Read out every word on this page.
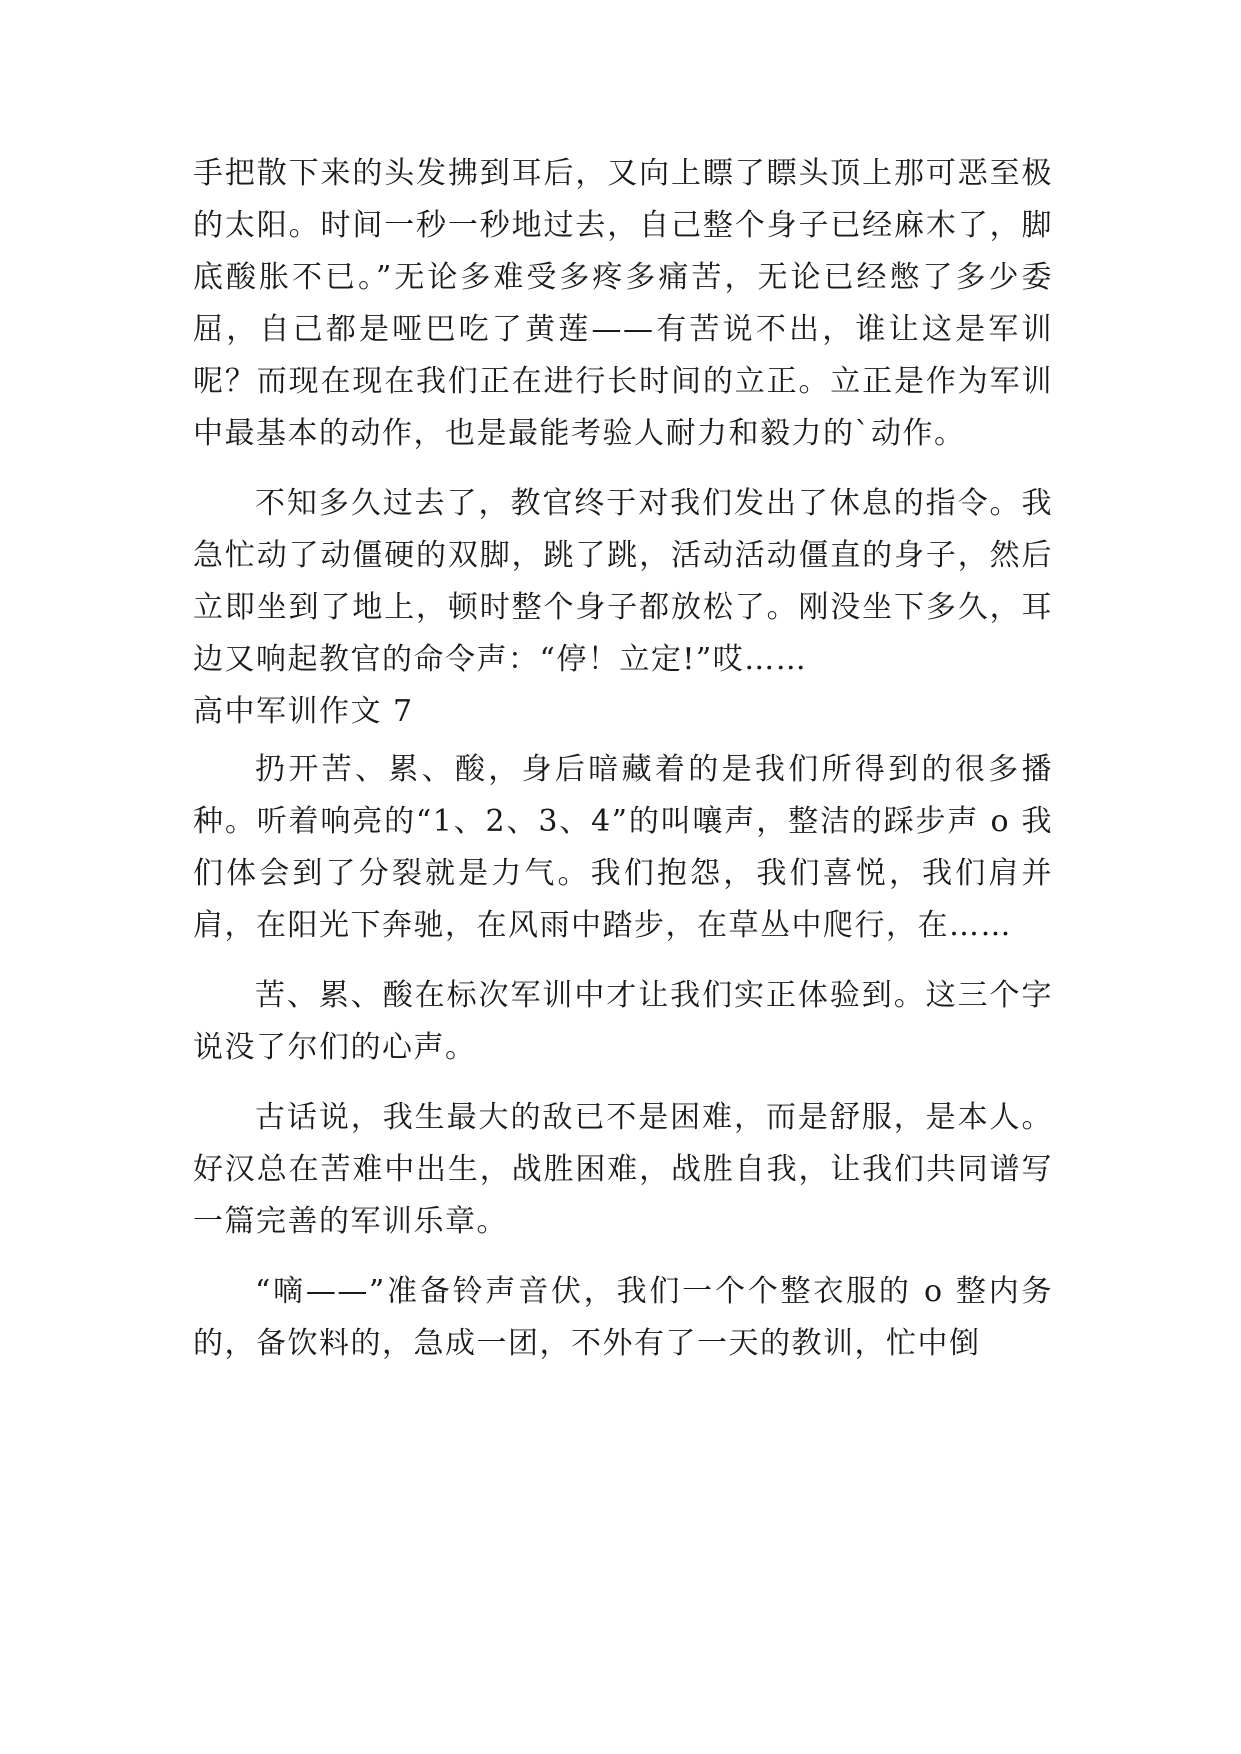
手把散下来的头发拂到耳后，又向上瞟了瞟头顶上那可恶至极的太阳。时间一秒一秒地过去，自己整个身子已经麻木了，脚底酸胀不已。”无论多难受多疼多痛苦，无论已经憋了多少委屈，自己都是哑巴吃了黄莲——有苦说不出，谁让这是军训呢？而现在现在我们正在进行长时间的立正。立正是作为军训中最基本的动作，也是最能考验人耐力和毅力的`动作。

不知多久过去了，教官终于对我们发出了休息的指令。我急忙动了动僵硬的双脚，跳了跳，活动活动僵直的身子，然后立即坐到了地上，顿时整个身子都放松了。刚没坐下多久，耳边又响起教官的命令声：“停！立定!”哎……

高中军训作文 7

扔开苦、累、酸，身后暗藏着的是我们所得到的很多播种。听着响亮的“1、2、3、4”的叫嚷声，整洁的踩步声 o 我们体会到了分裂就是力气。我们抱怨，我们喜悦，我们肩并肩，在阳光下奔驰，在风雨中踏步，在草丛中爬行，在……

苦、累、酸在标次军训中才让我们实正体验到。这三个字说没了尔们的心声。

古话说，我生最大的敌已不是困难，而是舒服，是本人。好汉总在苦难中出生，战胜困难，战胜自我，让我们共同谱写一篇完善的军训乐章。

“嘀——”准备铃声音伏，我们一个个整衣服的 o 整内务的，备饮料的，急成一团，不外有了一天的教训，忙中倒
